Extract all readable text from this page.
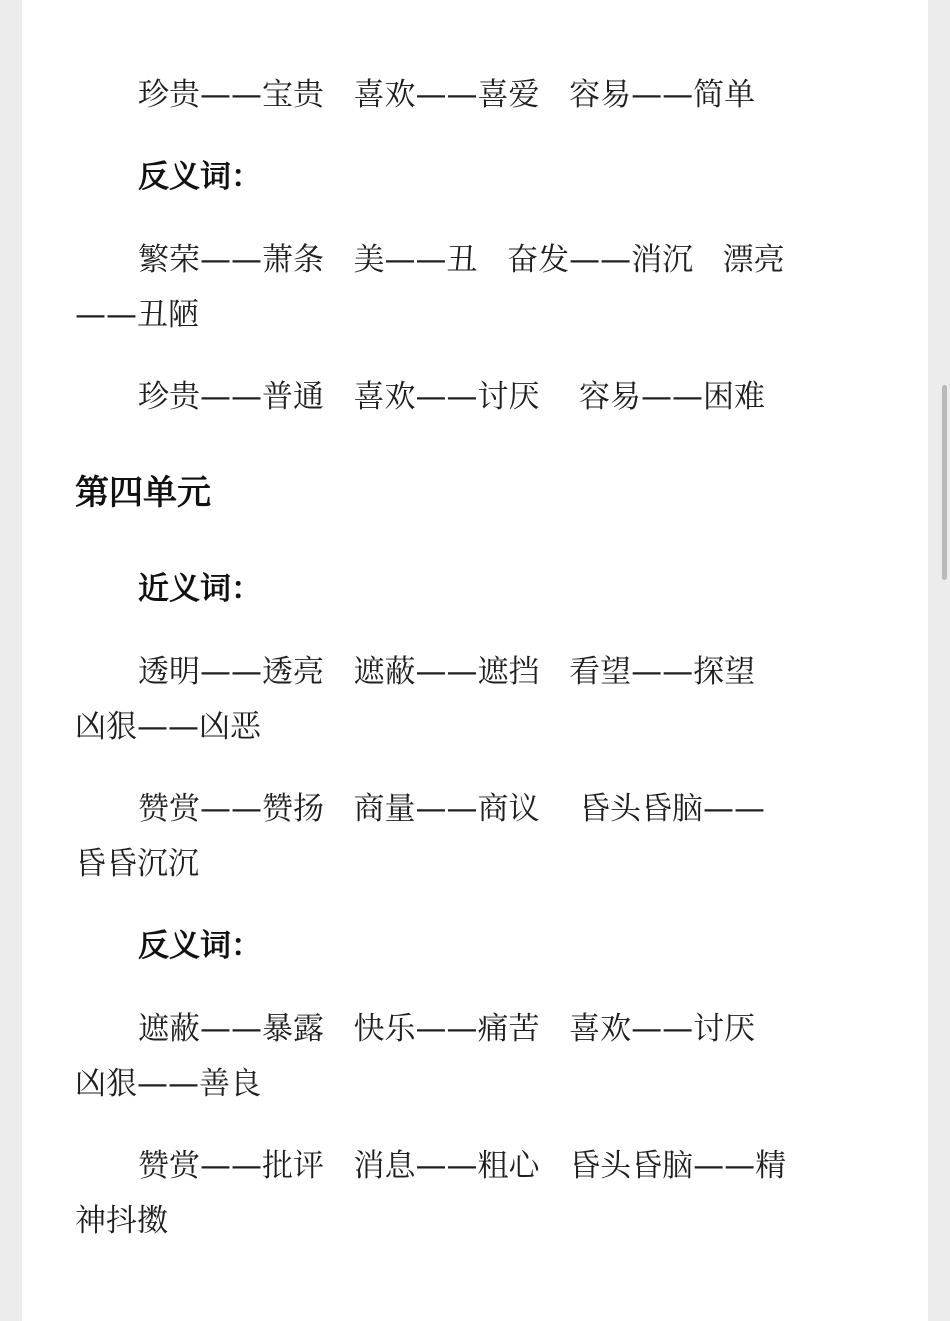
珍贵——宝贵   喜欢——喜爱   容易——简单
反义词：
繁荣——萧条   美——丑   奋发——消沉   漂亮
——丑陋
珍贵——普通   喜欢——讨厌    容易——困难
第四单元
近义词：
透明——透亮   遮蔽——遮挡   看望——探望
凶狠——凶恶
赞赏——赞扬   商量——商议    昏头昏脑——
昏昏沉沉
反义词：
遮蔽——暴露   快乐——痛苦   喜欢——讨厌
凶狠——善良
赞赏——批评   消息——粗心   昏头昏脑——精
神抖擞
